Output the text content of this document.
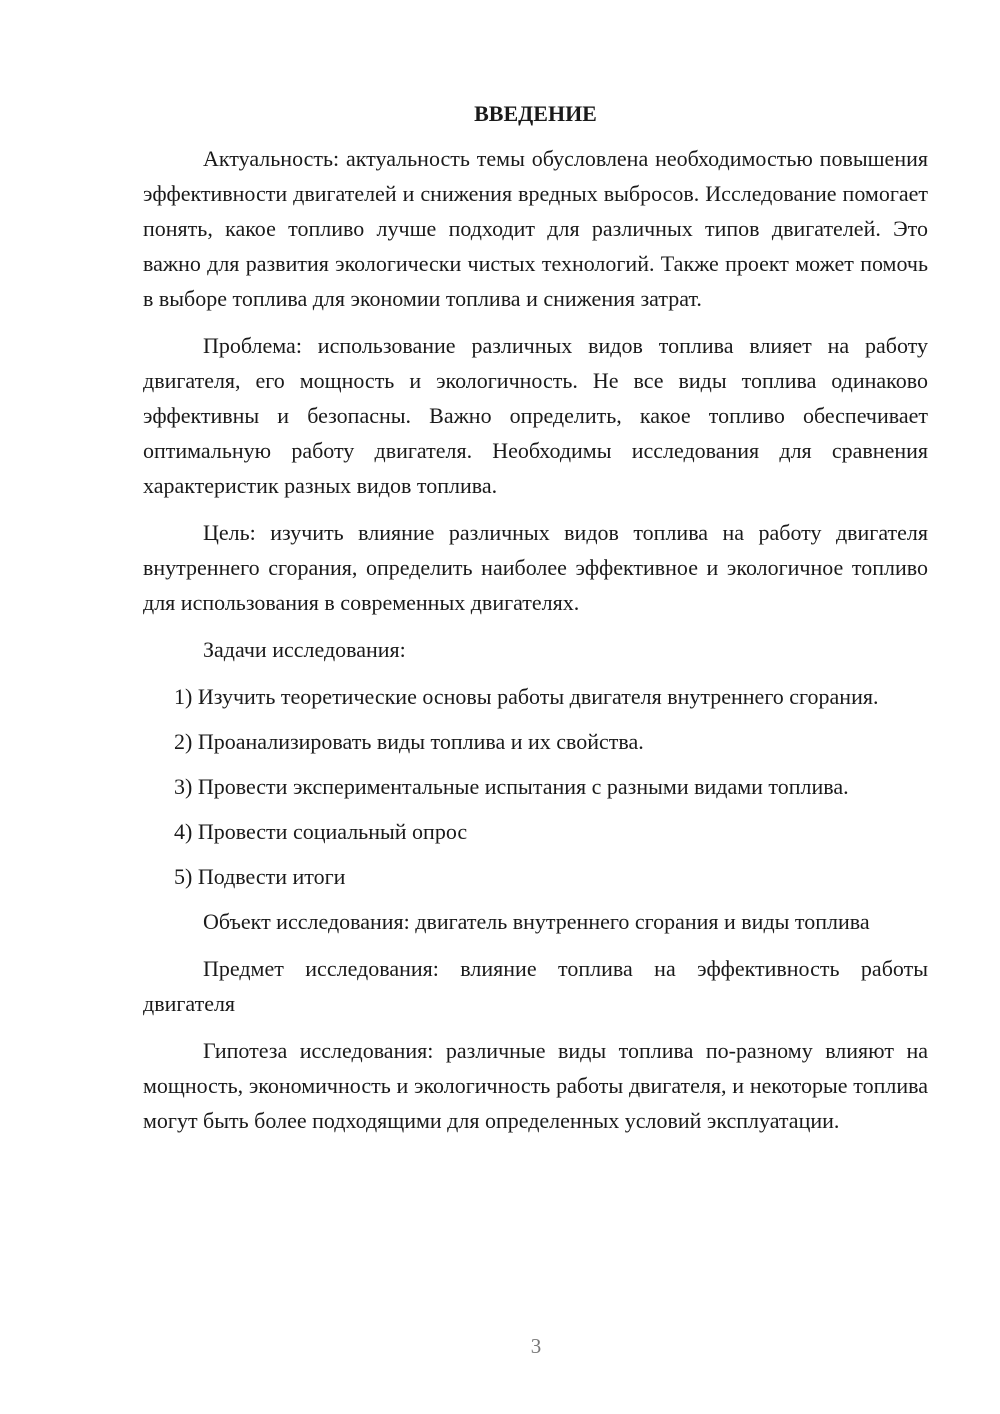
ВВЕДЕНИЕ

Актуальность: актуальность темы обусловлена необходимостью повышения эффективности двигателей и снижения вредных выбросов. Исследование помогает понять, какое топливо лучше подходит для различных типов двигателей. Это важно для развития экологически чистых технологий. Также проект может помочь в выборе топлива для экономии топлива и снижения затрат.

Проблема: использование различных видов топлива влияет на работу двигателя, его мощность и экологичность. Не все виды топлива одинаково эффективны и безопасны. Важно определить, какое топливо обеспечивает оптимальную работу двигателя. Необходимы исследования для сравнения характеристик разных видов топлива.

Цель: изучить влияние различных видов топлива на работу двигателя внутреннего сгорания, определить наиболее эффективное и экологичное топливо для использования в современных двигателях.

Задачи исследования:

1) Изучить теоретические основы работы двигателя внутреннего сгорания.

2) Проанализировать виды топлива и их свойства.

3) Провести экспериментальные испытания с разными видами топлива.

4) Провести социальный опрос

5) Подвести итоги

Объект исследования: двигатель внутреннего сгорания и виды топлива

Предмет исследования: влияние топлива на эффективность работы двигателя

Гипотеза исследования: различные виды топлива по-разному влияют на мощность, экономичность и экологичность работы двигателя, и некоторые топлива могут быть более подходящими для определенных условий эксплуатации.

3
